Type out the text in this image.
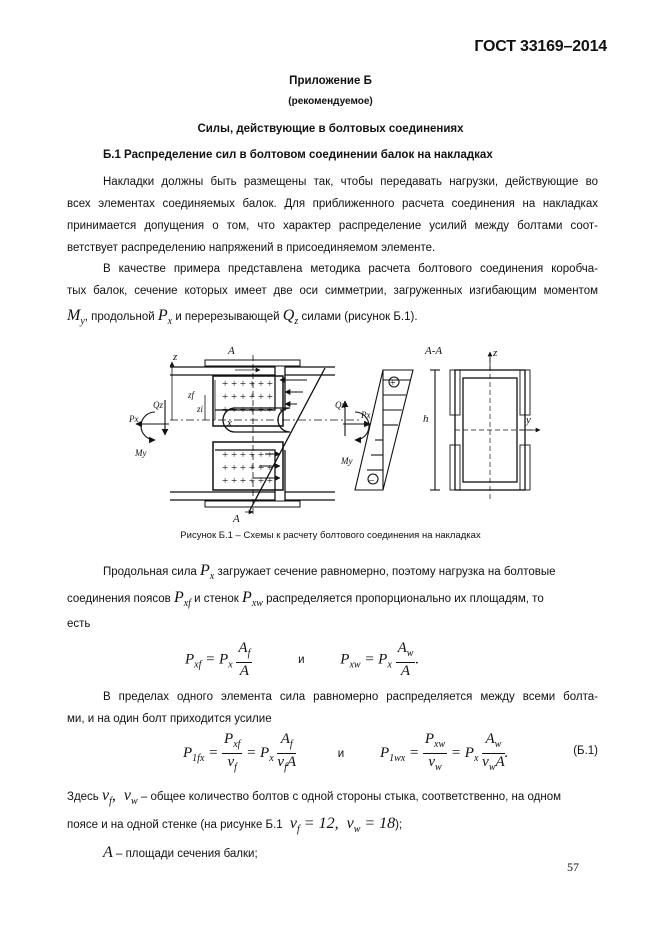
ГОСТ 33169–2014
Приложение Б
(рекомендуемое)
Силы, действующие в болтовых соединениях
Б.1 Распределение сил в болтовом соединении балок на накладках
Накладки должны быть размещены так, чтобы передавать нагрузки, действующие во
всех элементах соединяемых балок. Для приближенного расчета соединения на накладках
принимается допущения о том, что характер распределение усилий между болтами соот-
ветствует распределению напряжений в присоединяемом элементе.
В качестве примера представлена методика расчета болтового соединения коробча-
тых балок, сечение которых имеет две оси симметрии, загруженных изгибающим моментом
$M_y$, продольной $P_x$ и перерезывающей $Q_z$ силами (рисунок Б.1).
+ + + + + +
+ + + + + +
+ + + + + +
+ + + + + +
+ + + + + +
+ + + + + +
A
A
A-A
z	z
x	y
h
zi
zf
Qz	Qz
Px	Px
My
My
+
–
Рисунок Б.1 – Схемы к расчету болтового соединения на накладках
Продольная сила $P_x$ загружает сечение равномерно, поэтому нагрузка на болтовые
соединения поясов $P_{xf}$ и стенок $P_{xw}$ распределяется пропорционально их площадям, то
есть
$P_{xf} = P_x \frac{A_f}{A}$	и $P_{xw} = P_x \frac{A_w}{A}$ .
В пределах одного элемента сила равномерно распределяется между всеми болта-
ми, и на один болт приходится усилие
$P_{1fx} = \frac{P_{xf}}{\nu_f} = P_x \frac{A_f}{\nu_fA}$	и $P_{1wx} = \frac{P_{xw}}{\nu_w} = P_x \frac{A_w}{\nu_wA}$ .	(Б.1)
Здесь $\nu_f$,  $\nu_w$ – общее количество болтов с одной стороны стыка, соответственно, на одном
поясе и на одной стенке (на рисунке Б.1  $\nu_f = 12$,  $\nu_w = 18$);
A – площади сечения балки;
57
